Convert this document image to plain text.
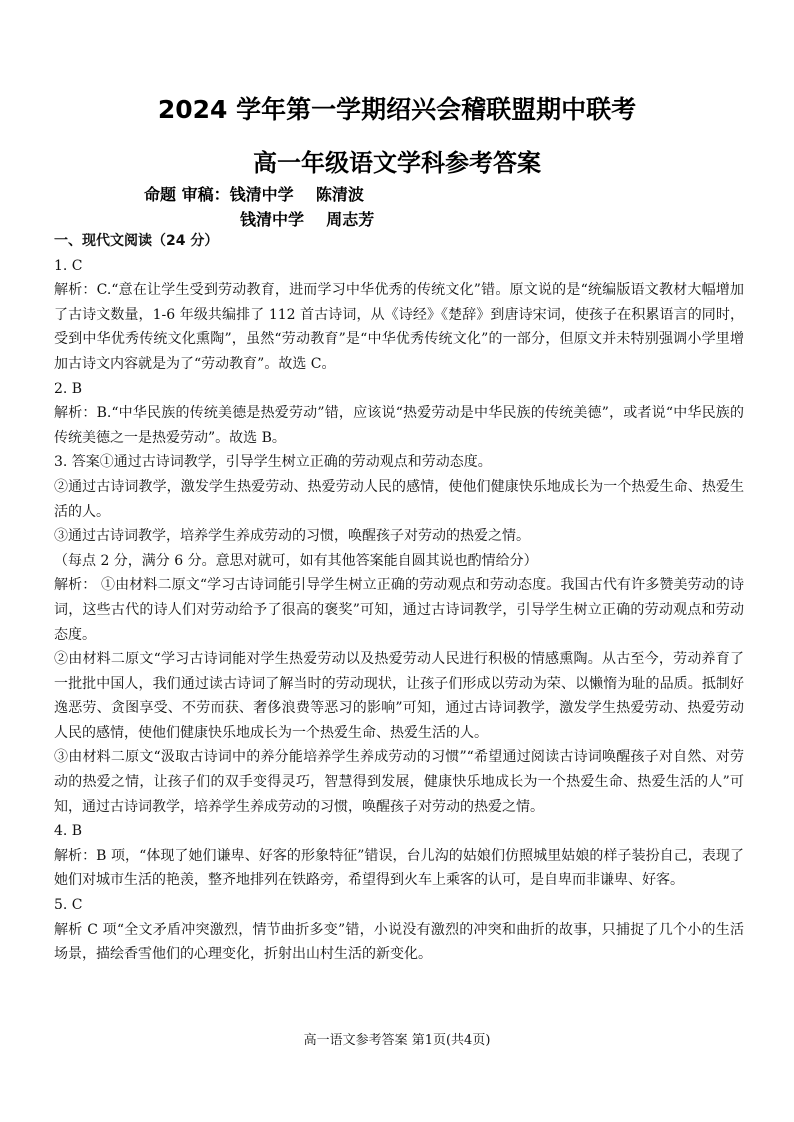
2024 学年第一学期绍兴会稽联盟期中联考
高一年级语文学科参考答案
命题 审稿：钱清中学    陈清波
钱清中学    周志芳

一、现代文阅读（24 分）

1. C

解析：C.“意在让学生受到劳动教育，进而学习中华优秀的传统文化”错。原文说的是“统编版语文教材大幅增加了古诗文数量，1-6 年级共编排了 112 首古诗词，从《诗经》《楚辞》到唐诗宋词，使孩子在积累语言的同时，受到中华优秀传统文化熏陶”，虽然“劳动教育”是“中华优秀传统文化”的一部分，但原文并未特别强调小学里增加古诗文内容就是为了“劳动教育”。故选 C。

2. B

解析：B.“中华民族的传统美德是热爱劳动”错，应该说“热爱劳动是中华民族的传统美德”，或者说“中华民族的传统美德之一是热爱劳动”。故选 B。

3. 答案①通过古诗词教学，引导学生树立正确的劳动观点和劳动态度。

②通过古诗词教学，激发学生热爱劳动、热爱劳动人民的感情，使他们健康快乐地成长为一个热爱生命、热爱生活的人。

③通过古诗词教学，培养学生养成劳动的习惯，唤醒孩子对劳动的热爱之情。

（每点 2 分，满分 6 分。意思对就可，如有其他答案能自圆其说也酌情给分）

解析： ①由材料二原文“学习古诗词能引导学生树立正确的劳动观点和劳动态度。我国古代有许多赞美劳动的诗词，这些古代的诗人们对劳动给予了很高的褒奖”可知，通过古诗词教学，引导学生树立正确的劳动观点和劳动态度。

②由材料二原文“学习古诗词能对学生热爱劳动以及热爱劳动人民进行积极的情感熏陶。从古至今，劳动养育了一批批中国人，我们通过读古诗词了解当时的劳动现状，让孩子们形成以劳动为荣、以懒惰为耻的品质。抵制好逸恶劳、贪图享受、不劳而获、奢侈浪费等恶习的影响”可知，通过古诗词教学，激发学生热爱劳动、热爱劳动人民的感情，使他们健康快乐地成长为一个热爱生命、热爱生活的人。

③由材料二原文“汲取古诗词中的养分能培养学生养成劳动的习惯”“希望通过阅读古诗词唤醒孩子对自然、对劳动的热爱之情，让孩子们的双手变得灵巧，智慧得到发展，健康快乐地成长为一个热爱生命、热爱生活的人”可知，通过古诗词教学，培养学生养成劳动的习惯，唤醒孩子对劳动的热爱之情。

4. B

解析：B 项，“体现了她们谦卑、好客的形象特征”错误，台儿沟的姑娘们仿照城里姑娘的样子装扮自己，表现了她们对城市生活的艳羡，整齐地排列在铁路旁，希望得到火车上乘客的认可，是自卑而非谦卑、好客。

5. C

解析 C 项“全文矛盾冲突激烈，情节曲折多变”错，小说没有激烈的冲突和曲折的故事，只捕捉了几个小的生活场景，描绘香雪他们的心理变化，折射出山村生活的新变化。

高一语文参考答案 第1页(共4页)
